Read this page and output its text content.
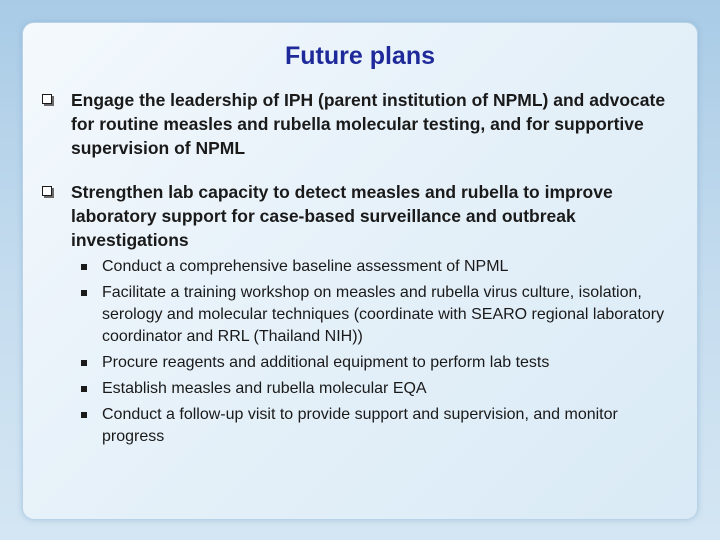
Future plans
Engage the leadership of IPH (parent institution of NPML) and advocate for routine measles and rubella molecular testing, and for supportive supervision of NPML
Strengthen lab capacity to detect measles and rubella to improve laboratory support for case-based surveillance and outbreak investigations
Conduct a comprehensive baseline assessment of NPML
Facilitate a training workshop on measles and rubella virus culture, isolation, serology and molecular techniques (coordinate with SEARO regional laboratory coordinator and RRL (Thailand NIH))
Procure reagents and additional equipment to perform lab tests
Establish measles and rubella molecular EQA
Conduct a follow-up visit to provide support and supervision, and monitor progress
